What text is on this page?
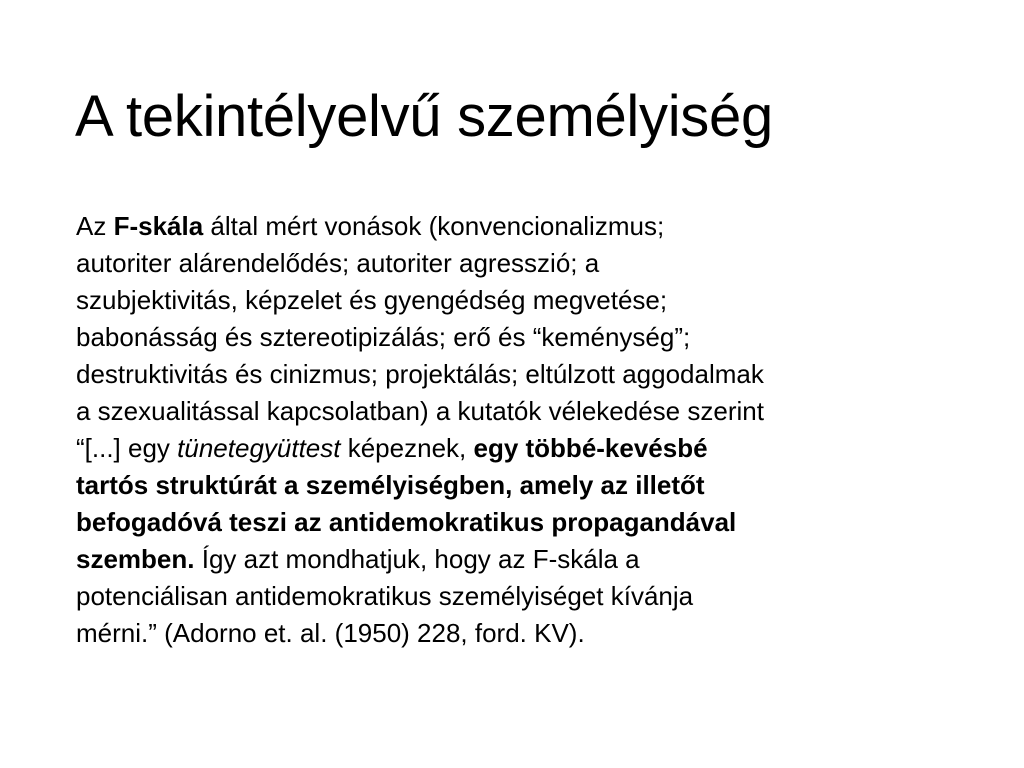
A tekintélyelvű személyiség
Az F-skála által mért vonások (konvencionalizmus;
autoriter alárendelődés; autoriter agresszió; a
szubjektivitás, képzelet és gyengédség megvetése;
babonásság és sztereotipizálás; erő és “keménység”;
destruktivitás és cinizmus; projektálás; eltúlzott aggodalmak
a szexualitással kapcsolatban) a kutatók vélekedése szerint
“[...] egy tünetegyüttest képeznek, egy többé-kevésbé
tartós struktúrát a személyiségben, amely az illetőt
befogadóvá teszi az antidemokratikus propagandával
szemben. Így azt mondhatjuk, hogy az F-skála a
potenciálisan antidemokratikus személyiséget kívánja
mérni.” (Adorno et. al. (1950) 228, ford. KV).
